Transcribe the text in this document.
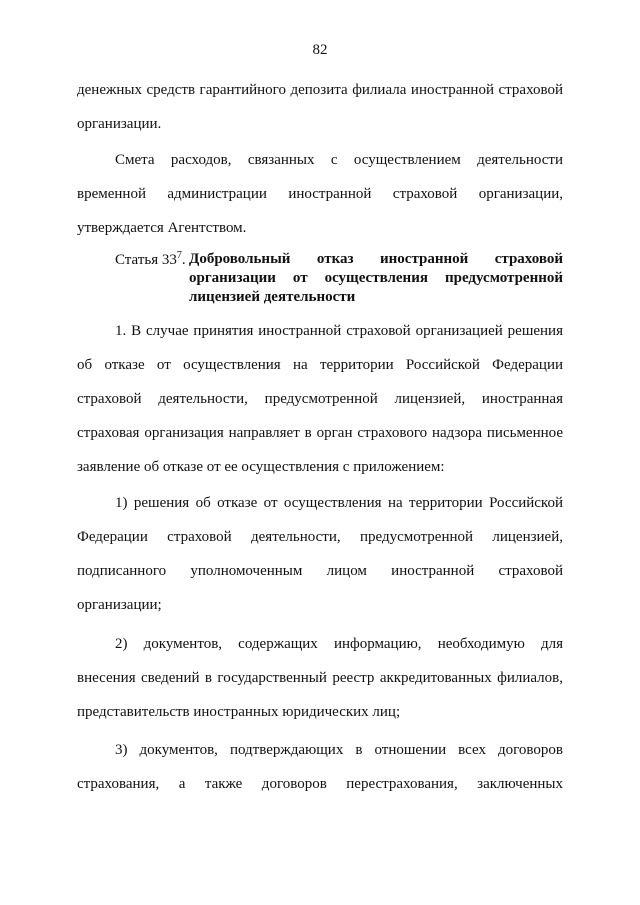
82
денежных средств гарантийного депозита филиала иностранной страховой
организации.
Смета расходов, связанных с осуществлением деятельности
временной администрации иностранной страховой организации,
утверждается Агентством.
Статья $33^7$. Добровольный отказ иностранной страховой
организации от осуществления предусмотренной
лицензией деятельности
1. В случае принятия иностранной страховой организацией решения
об отказе от осуществления на территории Российской Федерации
страховой деятельности, предусмотренной лицензией, иностранная
страховая организация направляет в орган страхового надзора письменное
заявление об отказе от ее осуществления с приложением:
1) решения об отказе от осуществления на территории Российской
Федерации страховой деятельности, предусмотренной лицензией,
подписанного уполномоченным лицом иностранной страховой
организации;
2) документов, содержащих информацию, необходимую для
внесения сведений в государственный реестр аккредитованных филиалов,
представительств иностранных юридических лиц;
3) документов, подтверждающих в отношении всех договоров
страхования, а также договоров перестрахования, заключенных
